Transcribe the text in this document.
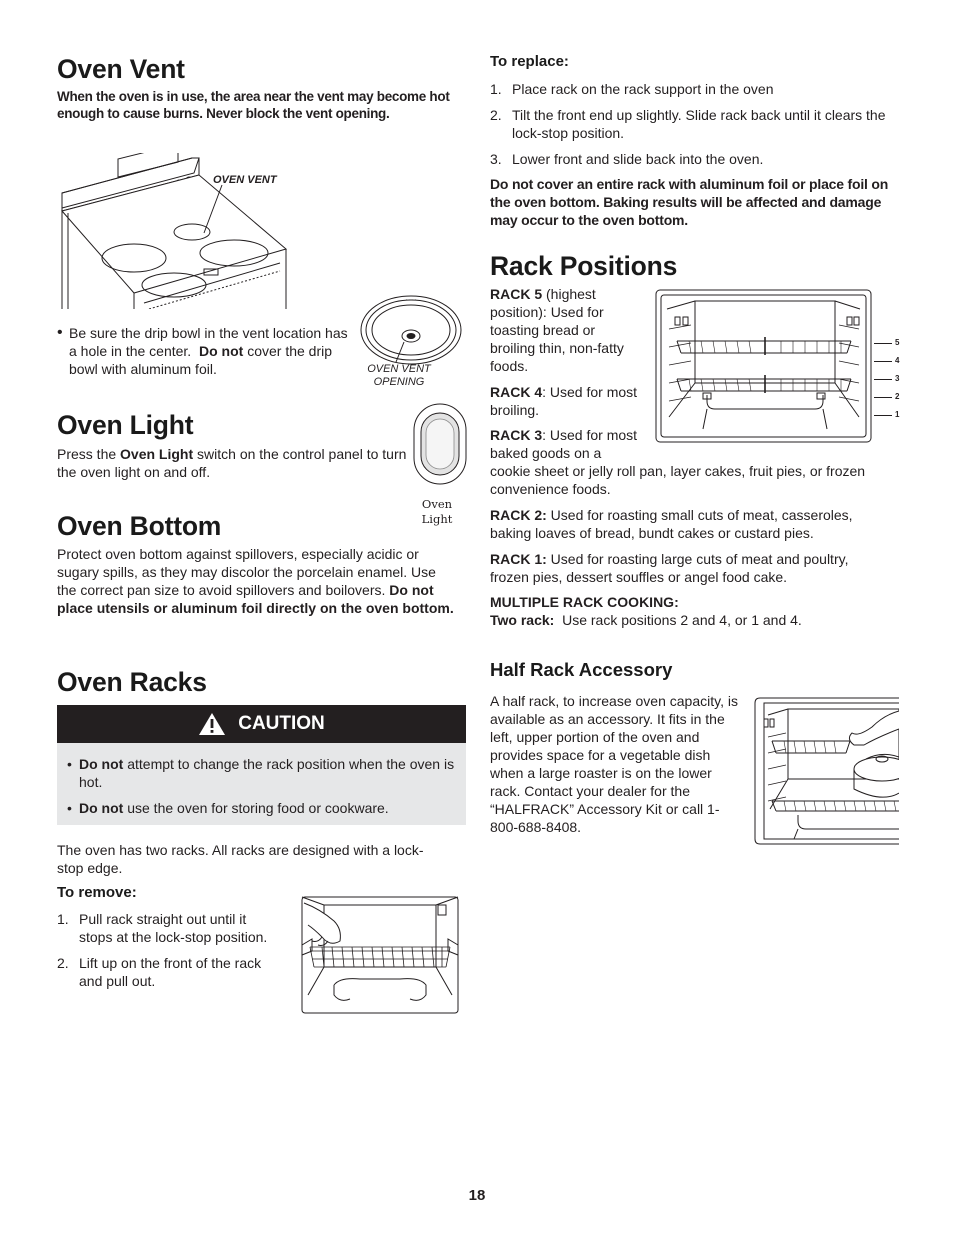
Oven Vent

When the oven is in use, the area near the vent may become hot enough to cause burns. Never block the vent opening.

OVEN VENT
OVEN VENT OPENING

• Be sure the drip bowl in the vent location has a hole in the center. Do not cover the drip bowl with aluminum foil.

Oven Light

Press the Oven Light switch on the control panel to turn the oven light on and off.

Oven
Light
Oven Bottom

Protect oven bottom against spillovers, especially acidic or sugary spills, as they may discolor the porcelain enamel. Use the correct pan size to avoid spillovers and boilovers. Do not place utensils or aluminum foil directly on the oven bottom.

Oven Racks
CAUTION

• Do not attempt to change the rack position when the oven is hot.

• Do not use the oven for storing food or cookware.

The oven has two racks. All racks are designed with a lock-stop edge.

To remove:
1. Pull rack straight out until it stops at the lock-stop position.
2. Lift up on the front of the rack and pull out.
To replace:
1. Place rack on the rack support in the oven
2. Tilt the front end up slightly. Slide rack back until it clears the lock-stop position.
3. Lower front and slide back into the oven.

Do not cover an entire rack with aluminum foil or place foil on the oven bottom. Baking results will be affected and damage may occur to the oven bottom.

Rack Positions

RACK 5 (highest position): Used for toasting bread or broiling thin, non-fatty foods.

RACK 4: Used for most broiling.

RACK 3: Used for most baked goods on a

cookie sheet or jelly roll pan, layer cakes, fruit pies, or frozen convenience foods.

5
4
3
2
1

RACK 2: Used for roasting small cuts of meat, casseroles, baking loaves of bread, bundt cakes or custard pies.

RACK 1: Used for roasting large cuts of meat and poultry, frozen pies, dessert souffles or angel food cake.

MULTIPLE RACK COOKING:

Two rack: Use rack positions 2 and 4, or 1 and 4.

Half Rack Accessory

A half rack, to increase oven capacity, is available as an accessory. It fits in the left, upper portion of the oven and provides space for a vegetable dish when a large roaster is on the lower rack. Contact your dealer for the “HALFRACK” Accessory Kit or call 1-800-688-8408.

18
